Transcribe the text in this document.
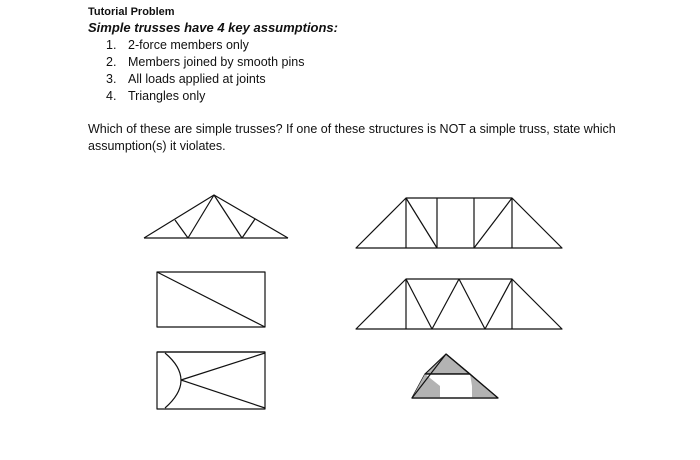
Tutorial Problem
Simple trusses have 4 key assumptions:
1. 2-force members only
2. Members joined by smooth pins
3. All loads applied at joints
4. Triangles only
Which of these are simple trusses? If one of these structures is NOT a simple truss, state which assumption(s) it violates.
